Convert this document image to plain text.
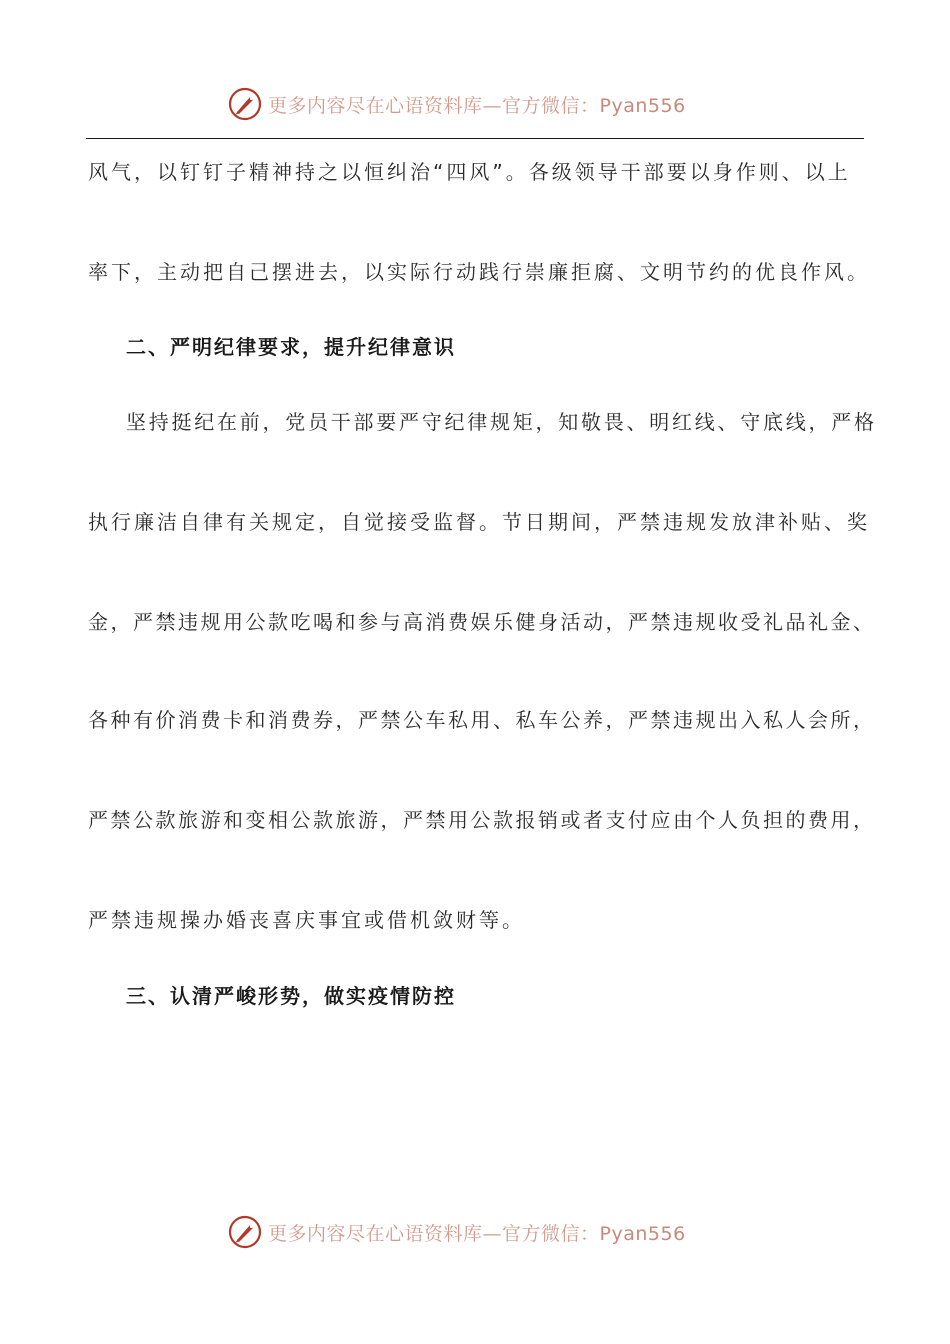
更多内容尽在心语资料库—官方微信：Pyan556
风气，以钉钉子精神持之以恒纠治“四风”。各级领导干部要以身作则、以上
率下，主动把自己摆进去，以实际行动践行崇廉拒腐、文明节约的优良作风。
二、严明纪律要求，提升纪律意识
坚持挺纪在前，党员干部要严守纪律规矩，知敬畏、明红线、守底线，严格
执行廉洁自律有关规定，自觉接受监督。节日期间，严禁违规发放津补贴、奖
金，严禁违规用公款吃喝和参与高消费娱乐健身活动，严禁违规收受礼品礼金、
各种有价消费卡和消费券，严禁公车私用、私车公养，严禁违规出入私人会所，
严禁公款旅游和变相公款旅游，严禁用公款报销或者支付应由个人负担的费用，
严禁违规操办婚丧喜庆事宜或借机敛财等。
三、认清严峻形势，做实疫情防控
更多内容尽在心语资料库—官方微信：Pyan556
